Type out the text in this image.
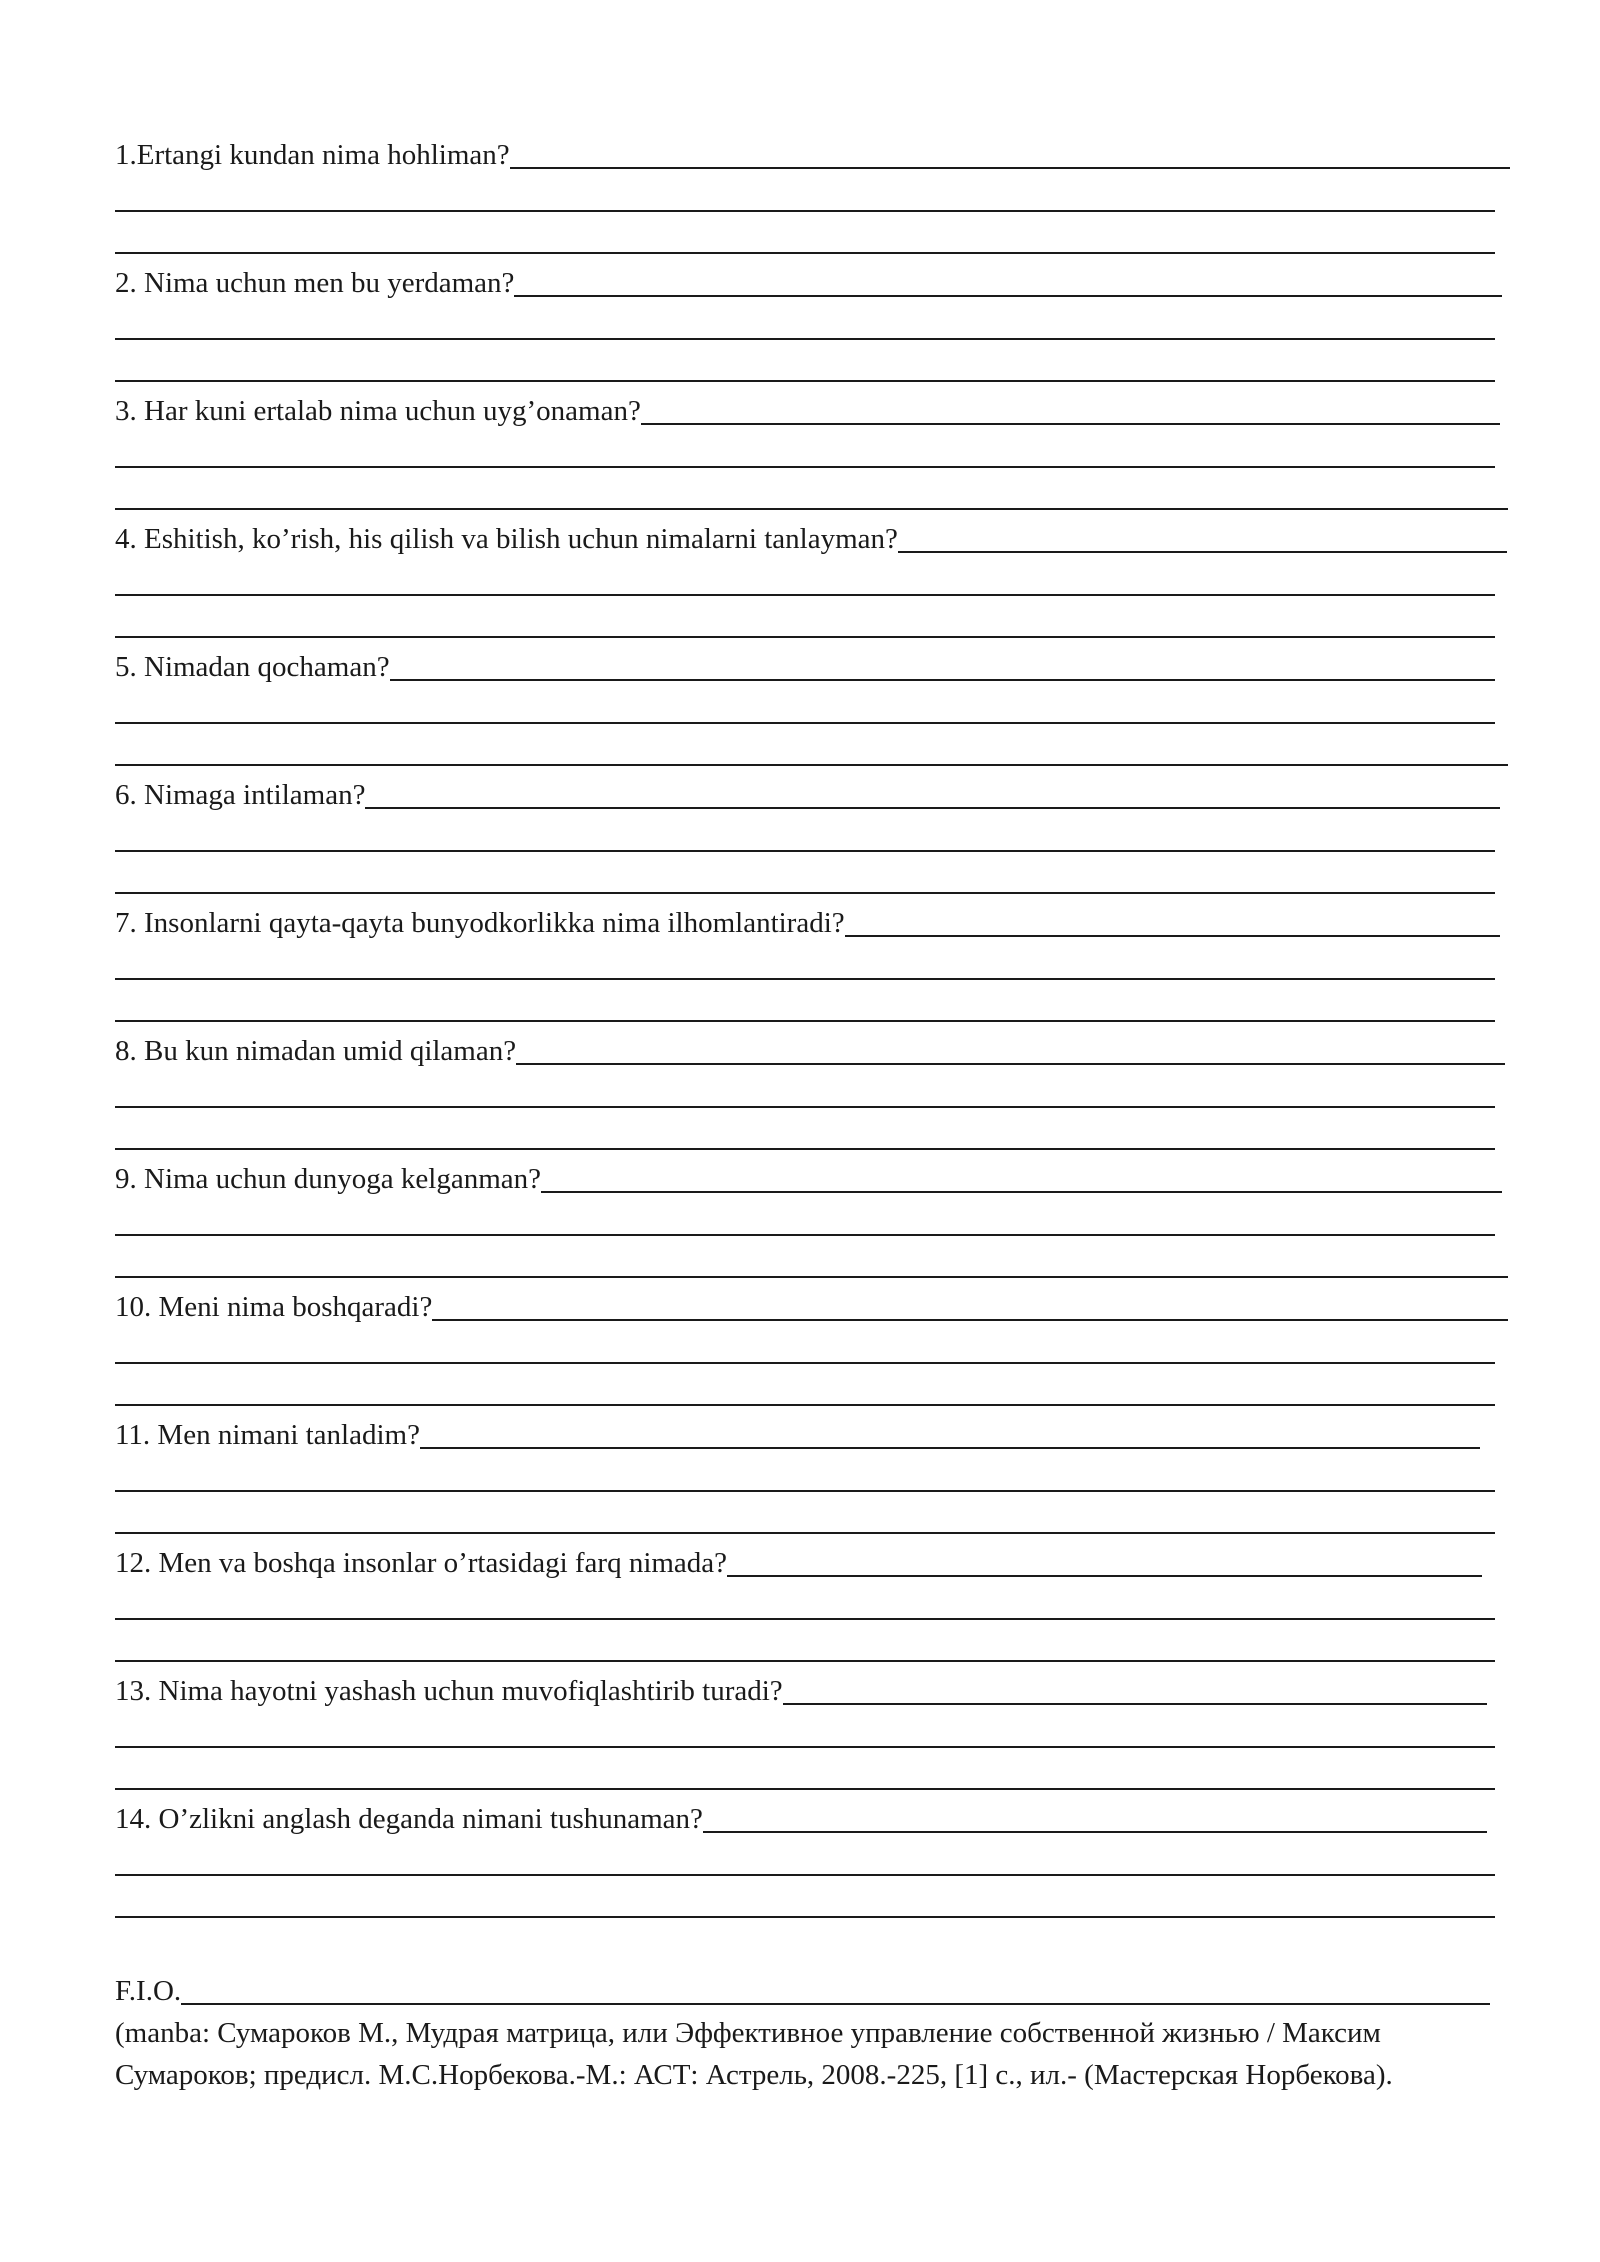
1.Ertangi kundan nima hohliman?
2. Nima uchun men bu yerdaman?
3. Har kuni ertalab nima uchun uyg’onaman?
4. Eshitish, ko’rish, his qilish va bilish uchun nimalarni tanlayman?
5. Nimadan qochaman?
6. Nimaga intilaman?
7. Insonlarni qayta-qayta bunyodkorlikka nima ilhomlantiradi?
8. Bu kun nimadan umid qilaman?
9. Nima uchun dunyoga kelganman?
10. Meni nima boshqaradi?
11. Men nimani tanladim?
12. Men va boshqa insonlar o’rtasidagi farq nimada?
13. Nima hayotni yashash uchun muvofiqlashtirib turadi?
14. O’zlikni anglash deganda nimani tushunaman?
F.I.O.
(manba: Сумароков М., Мудрая матрица, или Эффективное управление собственной жизнью / Максим Сумароков; предисл. М.С.Норбекова.-М.: АСТ: Астрель, 2008.-225, [1] с., ил.- (Мастерская Норбекова).
